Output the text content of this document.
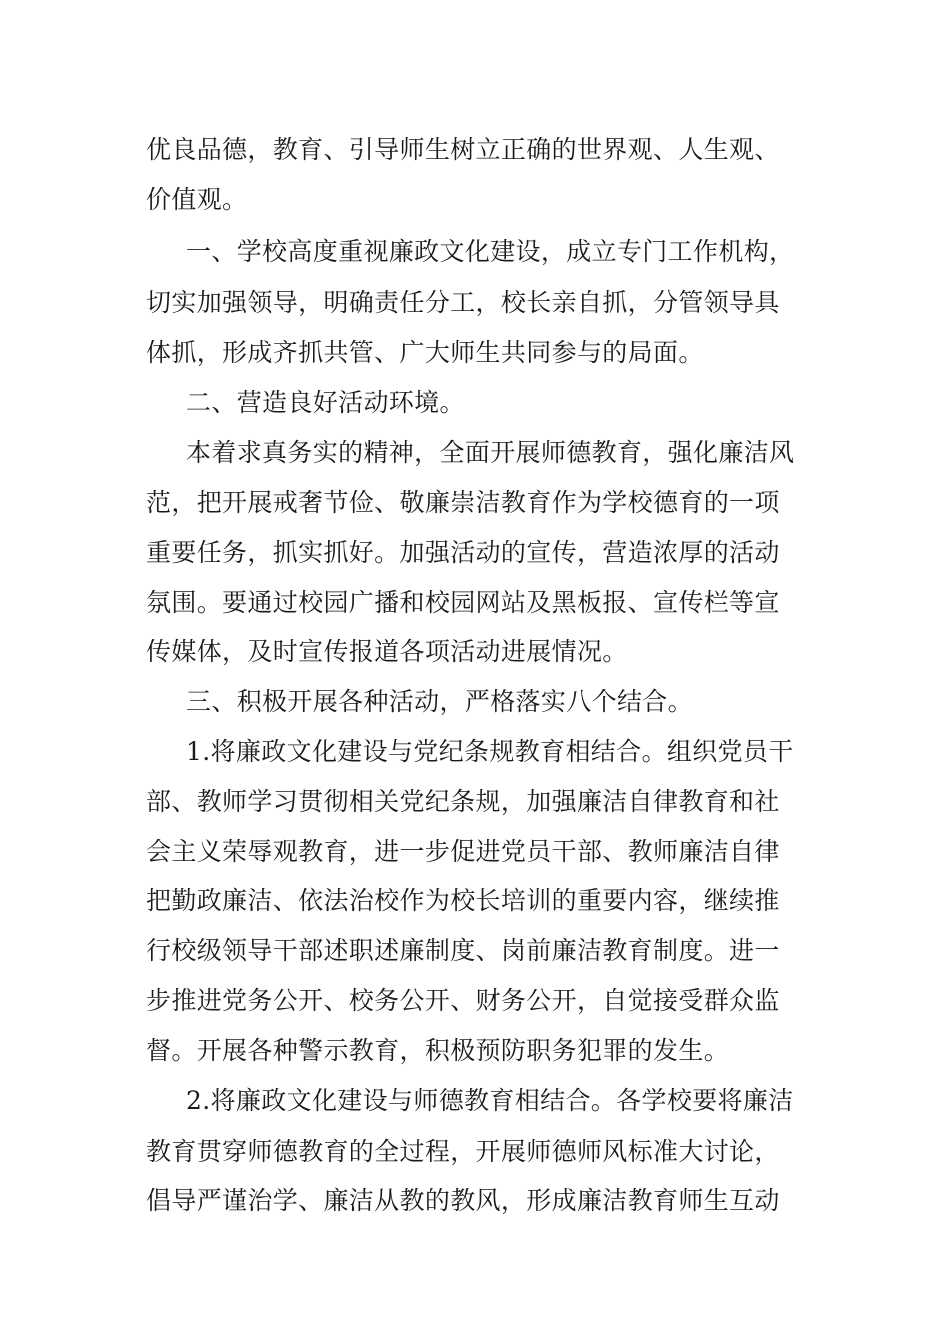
优良品德，教育、引导师生树立正确的世界观、人生观、
价值观。
一、学校高度重视廉政文化建设，成立专门工作机构，
切实加强领导，明确责任分工，校长亲自抓，分管领导具
体抓，形成齐抓共管、广大师生共同参与的局面。
二、营造良好活动环境。
本着求真务实的精神，全面开展师德教育，强化廉洁风
范，把开展戒奢节俭、敬廉崇洁教育作为学校德育的一项
重要任务，抓实抓好。加强活动的宣传，营造浓厚的活动
氛围。要通过校园广播和校园网站及黑板报、宣传栏等宣
传媒体，及时宣传报道各项活动进展情况。
三、积极开展各种活动，严格落实八个结合。
1.将廉政文化建设与党纪条规教育相结合。组织党员干
部、教师学习贯彻相关党纪条规，加强廉洁自律教育和社
会主义荣辱观教育，进一步促进党员干部、教师廉洁自律
把勤政廉洁、依法治校作为校长培训的重要内容，继续推
行校级领导干部述职述廉制度、岗前廉洁教育制度。进一
步推进党务公开、校务公开、财务公开，自觉接受群众监
督。开展各种警示教育，积极预防职务犯罪的发生。
2.将廉政文化建设与师德教育相结合。各学校要将廉洁
教育贯穿师德教育的全过程，开展师德师风标准大讨论，
倡导严谨治学、廉洁从教的教风，形成廉洁教育师生互动
